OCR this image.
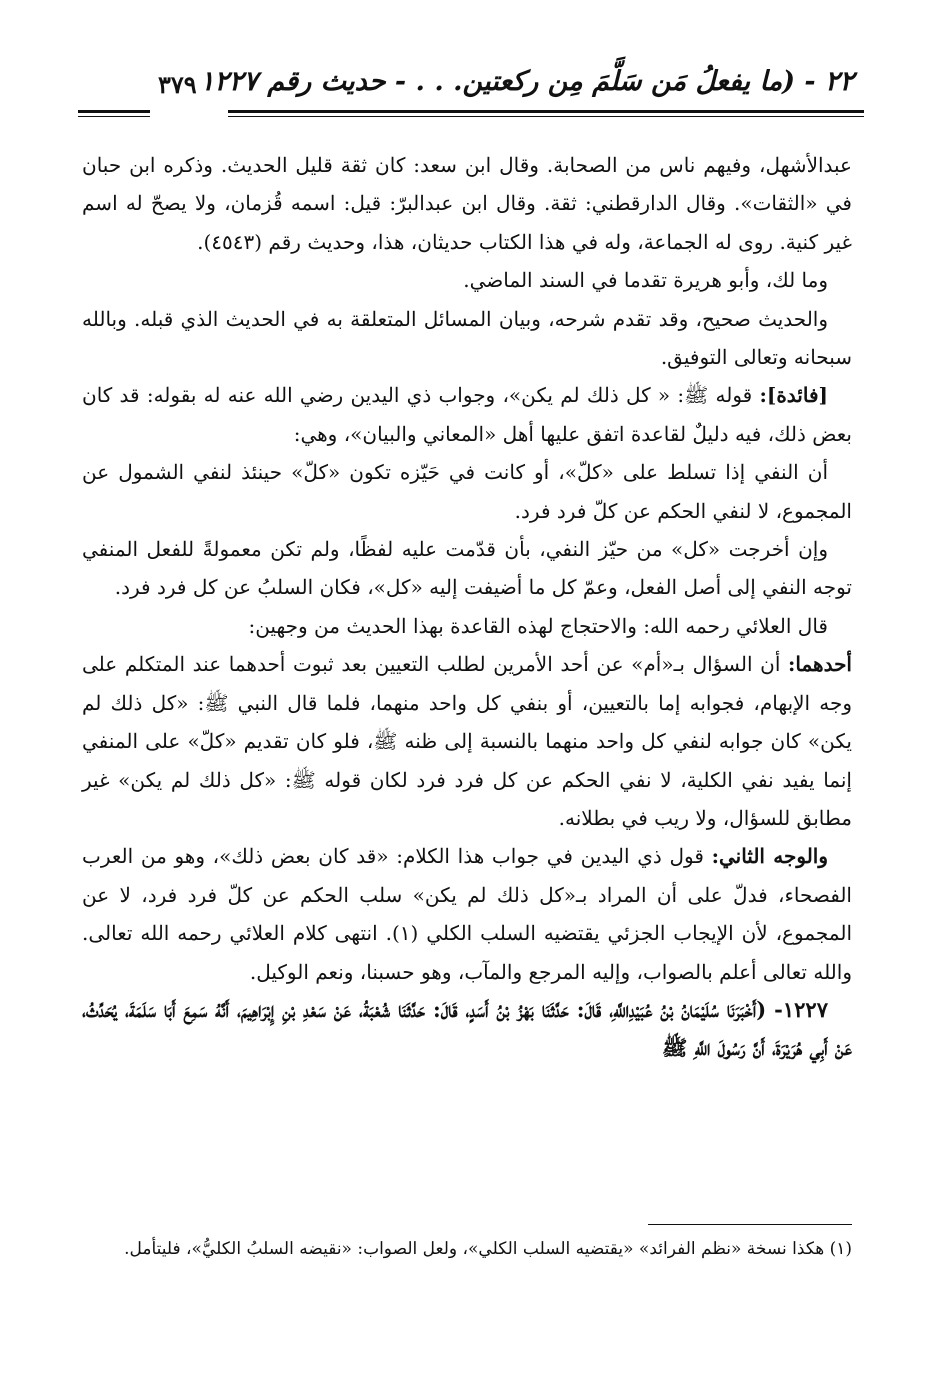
٢٢ - (ما يفعلُ مَن سَلَّمَ مِن ركعتين. . . - حديث رقم ١٢٢٧
٣٧٩

عبدالأشهل، وفيهم ناس من الصحابة. وقال ابن سعد: كان ثقة قليل الحديث. وذكره ابن حبان في «الثقات». وقال الدارقطني: ثقة. وقال ابن عبدالبرّ: قيل: اسمه قُزمان، ولا يصحّ له اسم غير كنية. روى له الجماعة، وله في هذا الكتاب حديثان، هذا، وحديث رقم (٤٥٤٣).

وما لك، وأبو هريرة تقدما في السند الماضي.

والحديث صحيح، وقد تقدم شرحه، وبيان المسائل المتعلقة به في الحديث الذي قبله. وبالله سبحانه وتعالى التوفيق.

[فائدة]: قوله ﷺ: « كل ذلك لم يكن»، وجواب ذي اليدين رضي الله عنه له بقوله: قد كان بعض ذلك، فيه دليلٌ لقاعدة اتفق عليها أهل «المعاني والبيان»، وهي:

أن النفي إذا تسلط على «كلّ»، أو كانت في حَيّزه تكون «كلّ» حينئذ لنفي الشمول عن المجموع، لا لنفي الحكم عن كلّ فرد فرد.

وإن أخرجت «كل» من حيّز النفي، بأن قدّمت عليه لفظًا، ولم تكن معمولةً للفعل المنفي توجه النفي إلى أصل الفعل، وعمّ كل ما أضيفت إليه «كل»، فكان السلبُ عن كل فرد فرد.

قال العلائي رحمه الله: والاحتجاج لهذه القاعدة بهذا الحديث من وجهين:

أحدهما: أن السؤال بـ«أم» عن أحد الأمرين لطلب التعيين بعد ثبوت أحدهما عند المتكلم على وجه الإبهام، فجوابه إما بالتعيين، أو بنفي كل واحد منهما، فلما قال النبي ﷺ: «كل ذلك لم يكن» كان جوابه لنفي كل واحد منهما بالنسبة إلى ظنه ﷺ، فلو كان تقديم «كلّ» على المنفي إنما يفيد نفي الكلية، لا نفي الحكم عن كل فرد فرد لكان قوله ﷺ: «كل ذلك لم يكن» غير مطابق للسؤال، ولا ريب في بطلانه.

والوجه الثاني: قول ذي اليدين في جواب هذا الكلام: «قد كان بعض ذلك»، وهو من العرب الفصحاء، فدلّ على أن المراد بـ«كل ذلك لم يكن» سلب الحكم عن كلّ فرد فرد، لا عن المجموع، لأن الإيجاب الجزئي يقتضيه السلب الكلي (١). انتهى كلام العلائي رحمه الله تعالى. والله تعالى أعلم بالصواب، وإليه المرجع والمآب، وهو حسبنا، ونعم الوكيل.

١٢٢٧- (أَخْبَرَنَا سُلَيْمَانُ بْنُ عُبَيْدِاللَّهِ، قَالَ: حَدَّثَنَا بَهْزُ بْنُ أَسَدٍ، قَالَ: حَدَّثَنَا شُعْبَةُ، عَنْ سَعْدِ بْنِ إِبْرَاهِيمَ، أَنَّهُ سَمِعَ أَبَا سَلَمَةَ، يُحَدِّثُ، عَنْ أَبِي هُرَيْرَةَ، أَنَّ رَسُولَ اللَّهِ ﷺ

(١) هكذا نسخة «نظم الفرائد» «يقتضيه السلب الكلي»، ولعل الصواب: «نقيضه السلبُ الكليُّ»، فليتأمل.
